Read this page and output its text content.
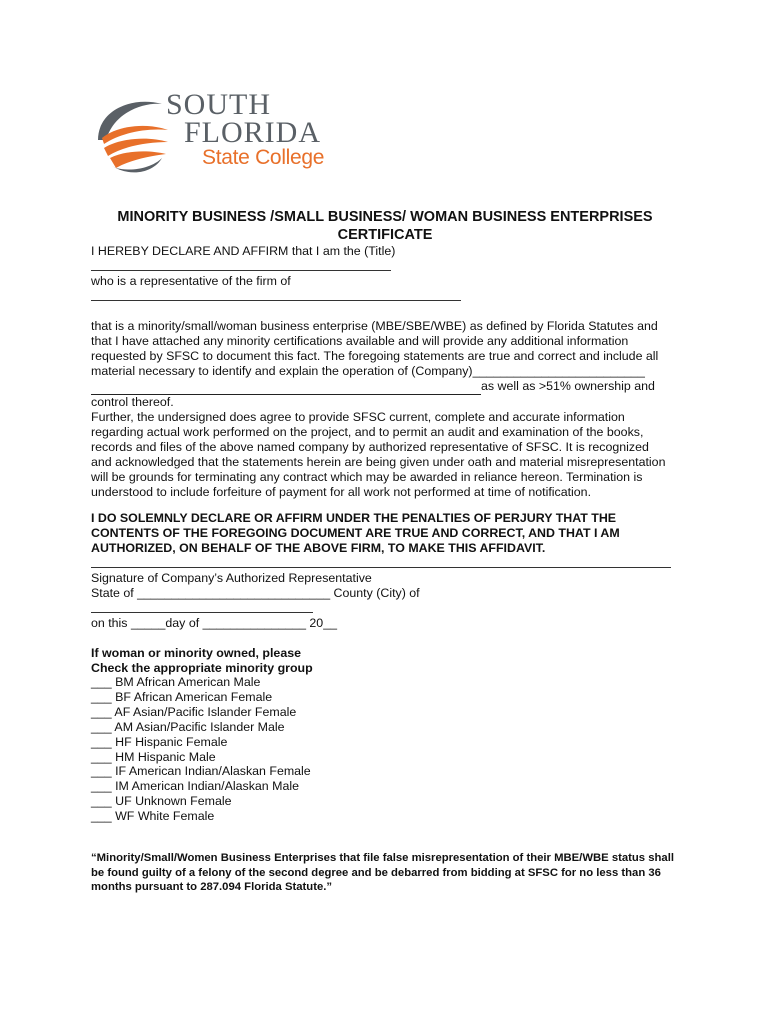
SOUTH
FLORIDA
State College
MINORITY BUSINESS /SMALL BUSINESS/ WOMAN BUSINESS ENTERPRISES
CERTIFICATE
I HEREBY DECLARE AND AFFIRM that I am the (Title)
who is a representative of the firm of
that is a minority/small/woman business enterprise (MBE/SBE/WBE) as defined by Florida Statutes and
that I have attached any minority certifications available and will provide any additional information
requested by SFSC to document this fact. The foregoing statements are true and correct and include all
material necessary to identify and explain the operation of (Company)_________________________
as well as >51% ownership and
control thereof.
Further, the undersigned does agree to provide SFSC current, complete and accurate information
regarding actual work performed on the project, and to permit an audit and examination of the books,
records and files of the above named company by authorized representative of SFSC. It is recognized
and acknowledged that the statements herein are being given under oath and material misrepresentation
will be grounds for terminating any contract which may be awarded in reliance hereon. Termination is
understood to include forfeiture of payment for all work not performed at time of notification.
I DO SOLEMNLY DECLARE OR AFFIRM UNDER THE PENALTIES OF PERJURY THAT THE
CONTENTS OF THE FOREGOING DOCUMENT ARE TRUE AND CORRECT, AND THAT I AM
AUTHORIZED, ON BEHALF OF THE ABOVE FIRM, TO MAKE THIS AFFIDAVIT.
Signature of Company’s Authorized Representative
State of ____________________________ County (City) of
on this _____day of _______________ 20__
If woman or minority owned, please
Check the appropriate minority group
___ BM African American Male
___ BF African American Female
___ AF Asian/Pacific Islander Female
___ AM Asian/Pacific Islander Male
___ HF Hispanic Female
___ HM Hispanic Male
___ IF American Indian/Alaskan Female
___ IM American Indian/Alaskan Male
___ UF Unknown Female
___ WF White Female
“Minority/Small/Women Business Enterprises that file false misrepresentation of their MBE/WBE status shall
be found guilty of a felony of the second degree and be debarred from bidding at SFSC for no less than 36
months pursuant to 287.094 Florida Statute.”
